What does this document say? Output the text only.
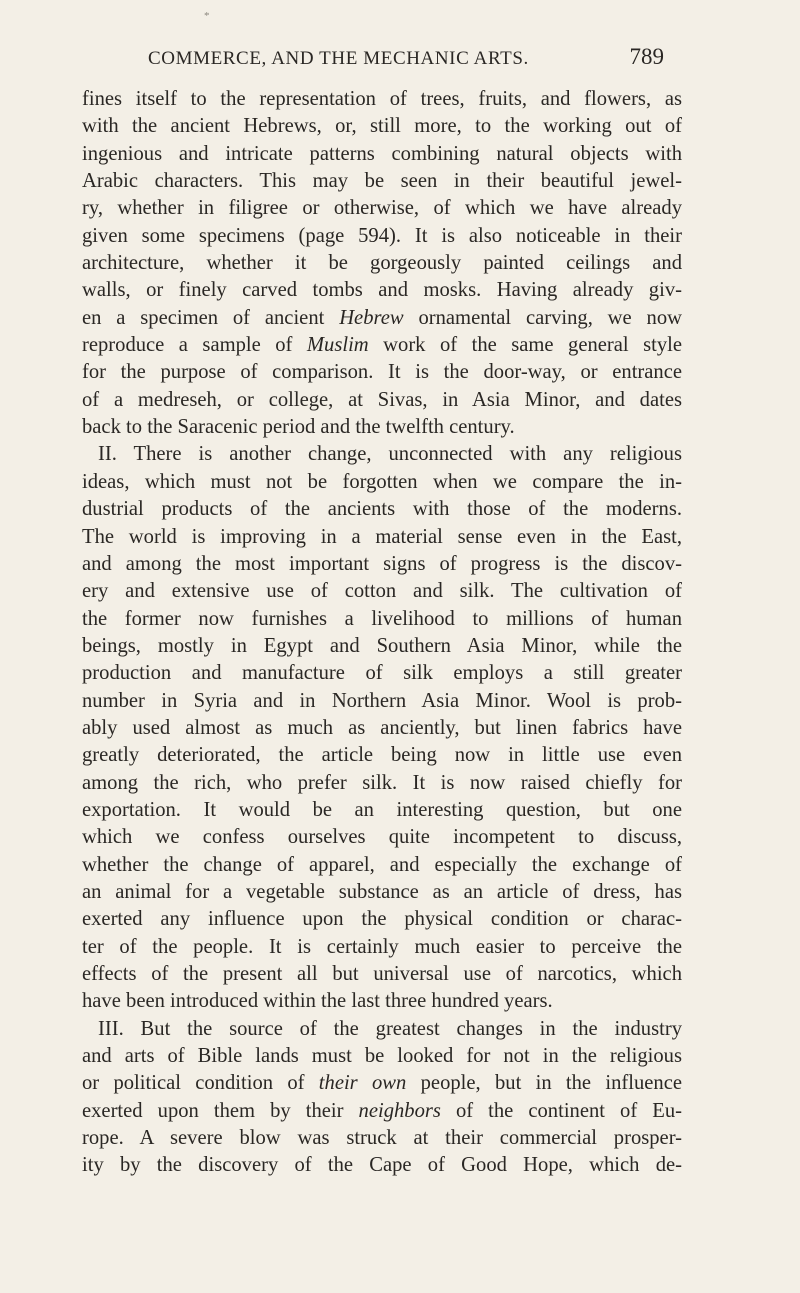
*
COMMERCE, AND THE MECHANIC ARTS.	789
fines itself to the representation of trees, fruits, and flowers, as
with the ancient Hebrews, or, still more, to the working out of
ingenious and intricate patterns combining natural objects with
Arabic characters. This may be seen in their beautiful jewel-
ry, whether in filigree or otherwise, of which we have already
given some specimens (page 594). It is also noticeable in their
architecture, whether it be gorgeously painted ceilings and
walls, or finely carved tombs and mosks. Having already giv-
en a specimen of ancient Hebrew ornamental carving, we now
reproduce a sample of Muslim work of the same general style
for the purpose of comparison. It is the door-way, or entrance
of a medreseh, or college, at Sivas, in Asia Minor, and dates
back to the Saracenic period and the twelfth century.
II. There is another change, unconnected with any religious
ideas, which must not be forgotten when we compare the in-
dustrial products of the ancients with those of the moderns.
The world is improving in a material sense even in the East,
and among the most important signs of progress is the discov-
ery and extensive use of cotton and silk. The cultivation of
the former now furnishes a livelihood to millions of human
beings, mostly in Egypt and Southern Asia Minor, while the
production and manufacture of silk employs a still greater
number in Syria and in Northern Asia Minor. Wool is prob-
ably used almost as much as anciently, but linen fabrics have
greatly deteriorated, the article being now in little use even
among the rich, who prefer silk. It is now raised chiefly for
exportation. It would be an interesting question, but one
which we confess ourselves quite incompetent to discuss,
whether the change of apparel, and especially the exchange of
an animal for a vegetable substance as an article of dress, has
exerted any influence upon the physical condition or charac-
ter of the people. It is certainly much easier to perceive the
effects of the present all but universal use of narcotics, which
have been introduced within the last three hundred years.
III. But the source of the greatest changes in the industry
and arts of Bible lands must be looked for not in the religious
or political condition of their own people, but in the influence
exerted upon them by their neighbors of the continent of Eu-
rope. A severe blow was struck at their commercial prosper-
ity by the discovery of the Cape of Good Hope, which de-
